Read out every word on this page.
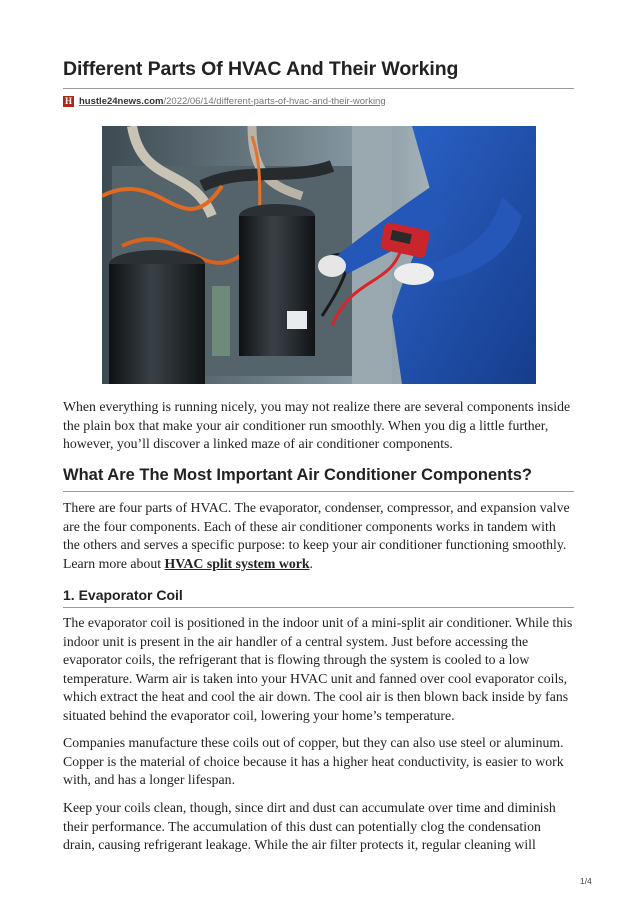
Different Parts Of HVAC And Their Working
H hustle24news.com/2022/06/14/different-parts-of-hvac-and-their-working

When everything is running nicely, you may not realize there are several components inside the plain box that make your air conditioner run smoothly. When you dig a little further, however, you’ll discover a linked maze of air conditioner components.

What Are The Most Important Air Conditioner Components?

There are four parts of HVAC. The evaporator, condenser, compressor, and expansion valve are the four components. Each of these air conditioner components works in tandem with the others and serves a specific purpose: to keep your air conditioner functioning smoothly. Learn more about HVAC split system work.

1. Evaporator Coil

The evaporator coil is positioned in the indoor unit of a mini-split air conditioner. While this indoor unit is present in the air handler of a central system. Just before accessing the evaporator coils, the refrigerant that is flowing through the system is cooled to a low temperature. Warm air is taken into your HVAC unit and fanned over cool evaporator coils, which extract the heat and cool the air down. The cool air is then blown back inside by fans situated behind the evaporator coil, lowering your home’s temperature.

Companies manufacture these coils out of copper, but they can also use steel or aluminum. Copper is the material of choice because it has a higher heat conductivity, is easier to work with, and has a longer lifespan.

Keep your coils clean, though, since dirt and dust can accumulate over time and diminish their performance. The accumulation of this dust can potentially clog the condensation drain, causing refrigerant leakage. While the air filter protects it, regular cleaning will

1/4
